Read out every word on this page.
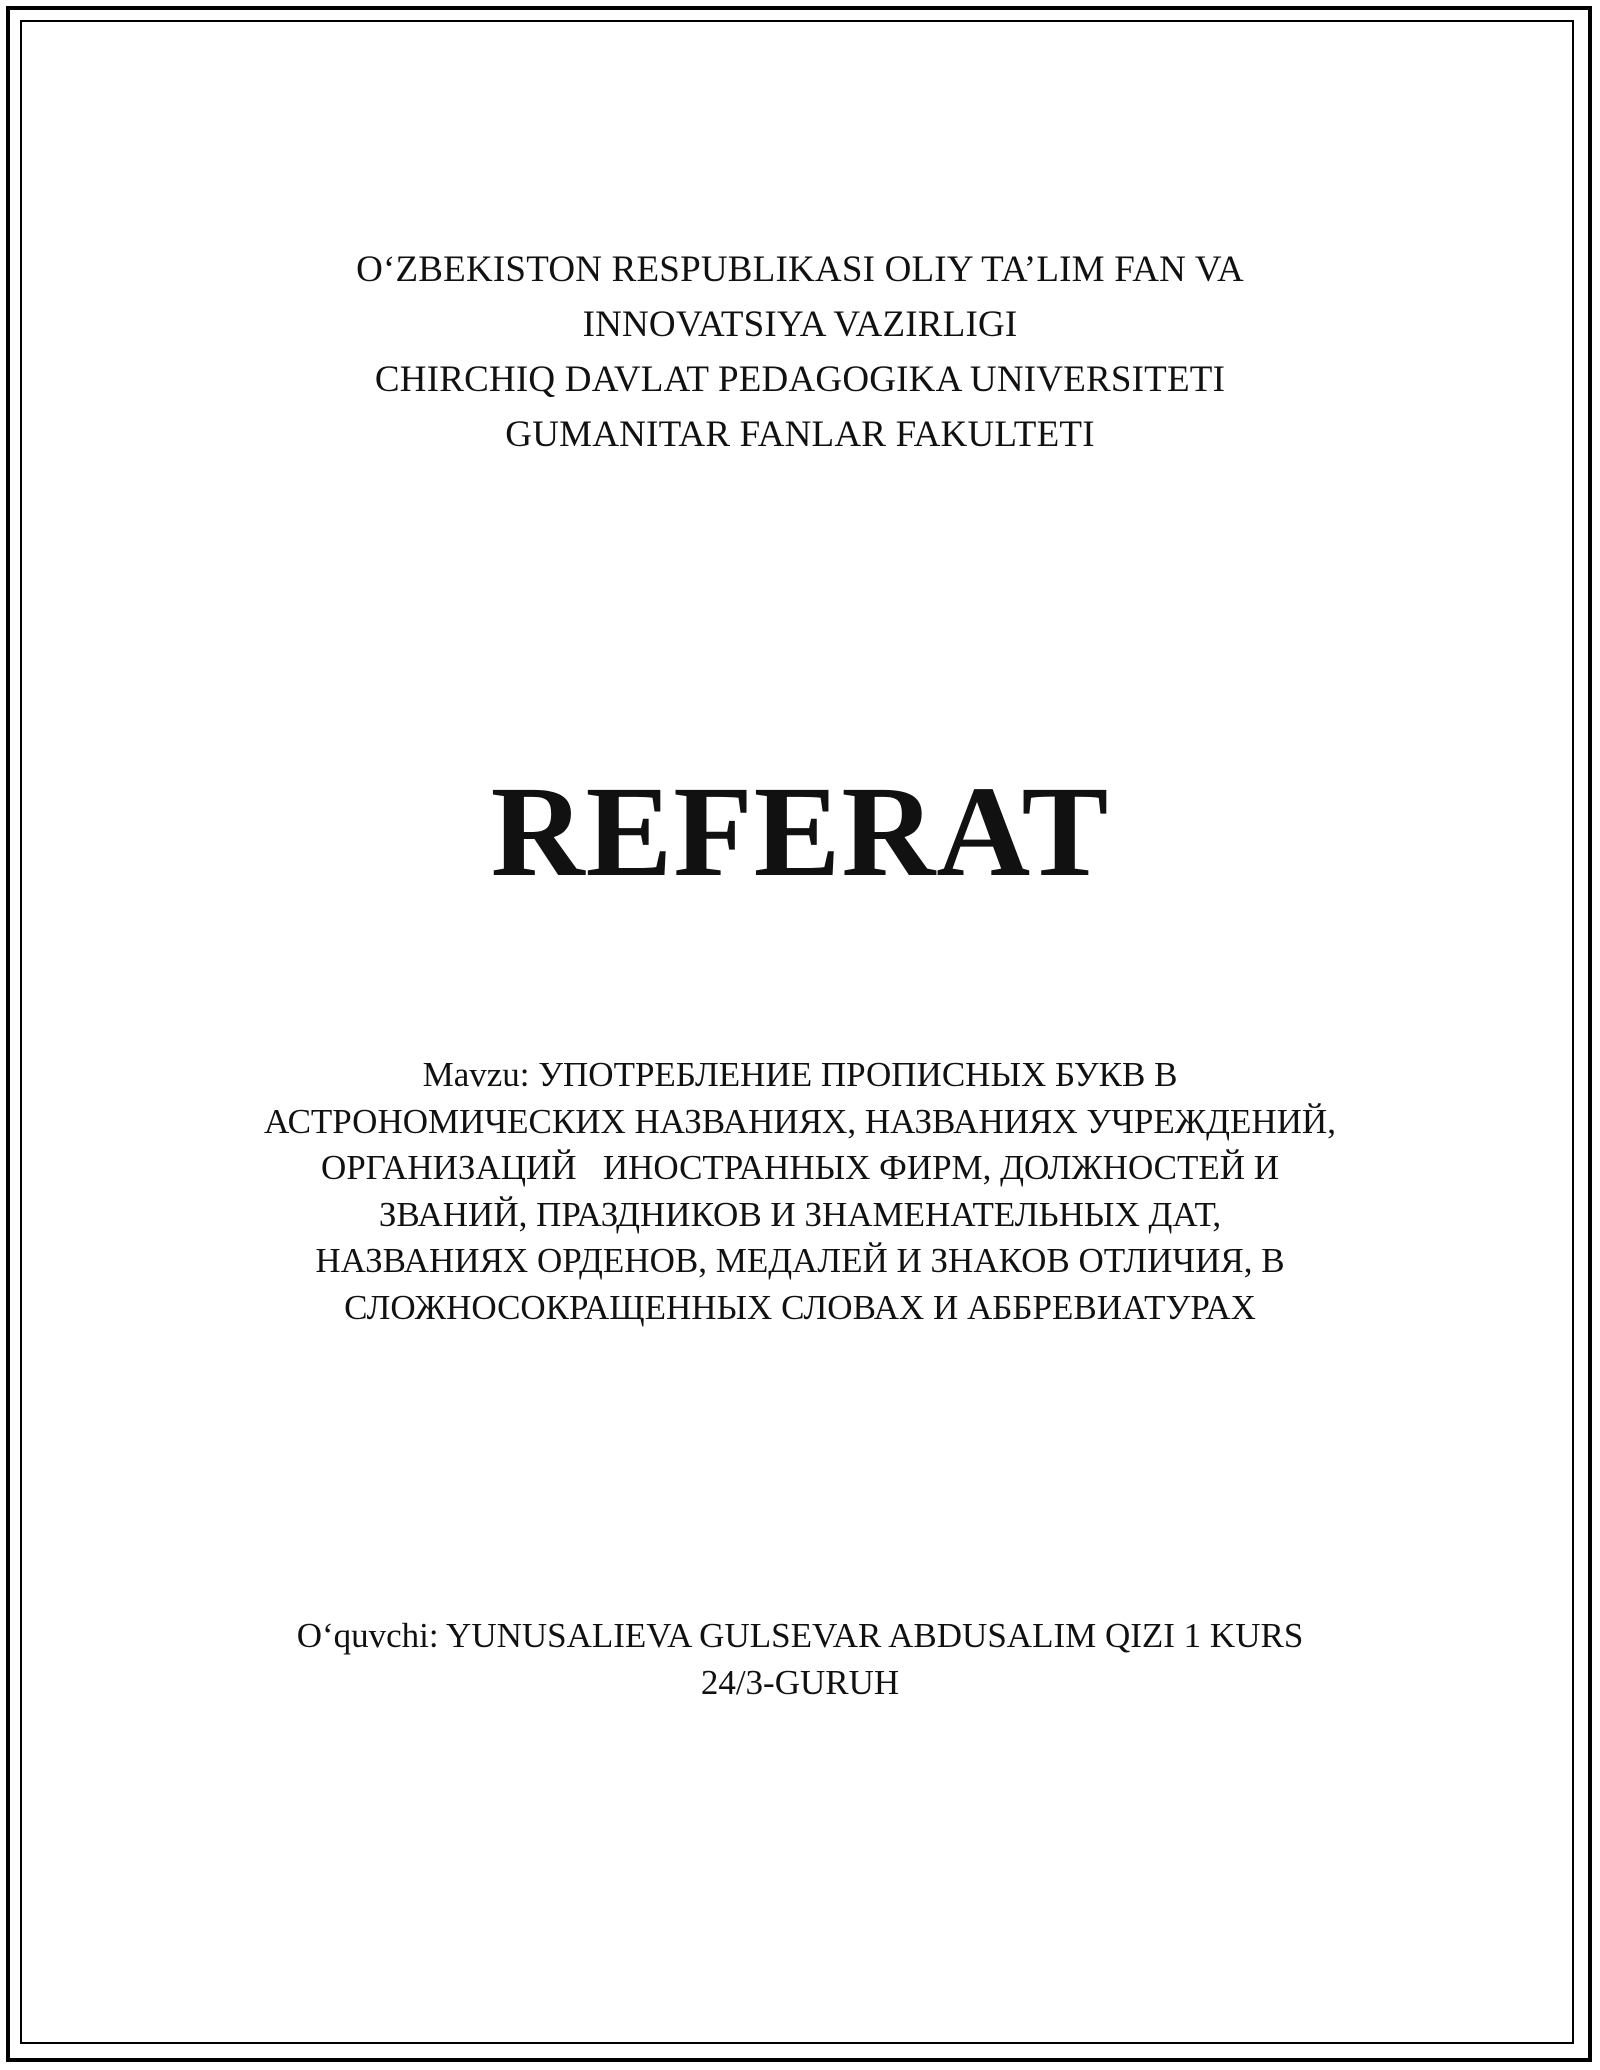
O‘ZBEKISTON RESPUBLIKASI OLIY TA’LIM FAN VA
INNOVATSIYA VAZIRLIGI
CHIRCHIQ DAVLAT PEDAGOGIKA UNIVERSITETI
GUMANITAR FANLAR FAKULTETI
REFERAT
Mavzu: УПОТРЕБЛЕНИЕ ПРОПИСНЫХ БУКВ В
АСТРОНОМИЧЕСКИХ НАЗВАНИЯХ, НАЗВАНИЯХ УЧРЕЖДЕНИЙ,
ОРГАНИЗАЦИЙ   ИНОСТРАННЫХ ФИРМ, ДОЛЖНОСТЕЙ И
ЗВАНИЙ, ПРАЗДНИКОВ И ЗНАМЕНАТЕЛЬНЫХ ДАТ,
НАЗВАНИЯХ ОРДЕНОВ, МЕДАЛЕЙ И ЗНАКОВ ОТЛИЧИЯ, В
СЛОЖНОСОКРАЩЕННЫХ СЛОВАХ И АББРЕВИАТУРАХ
O‘quvchi: YUNUSALIEVA GULSEVAR ABDUSALIM QIZI 1 KURS
24/3-GURUH
